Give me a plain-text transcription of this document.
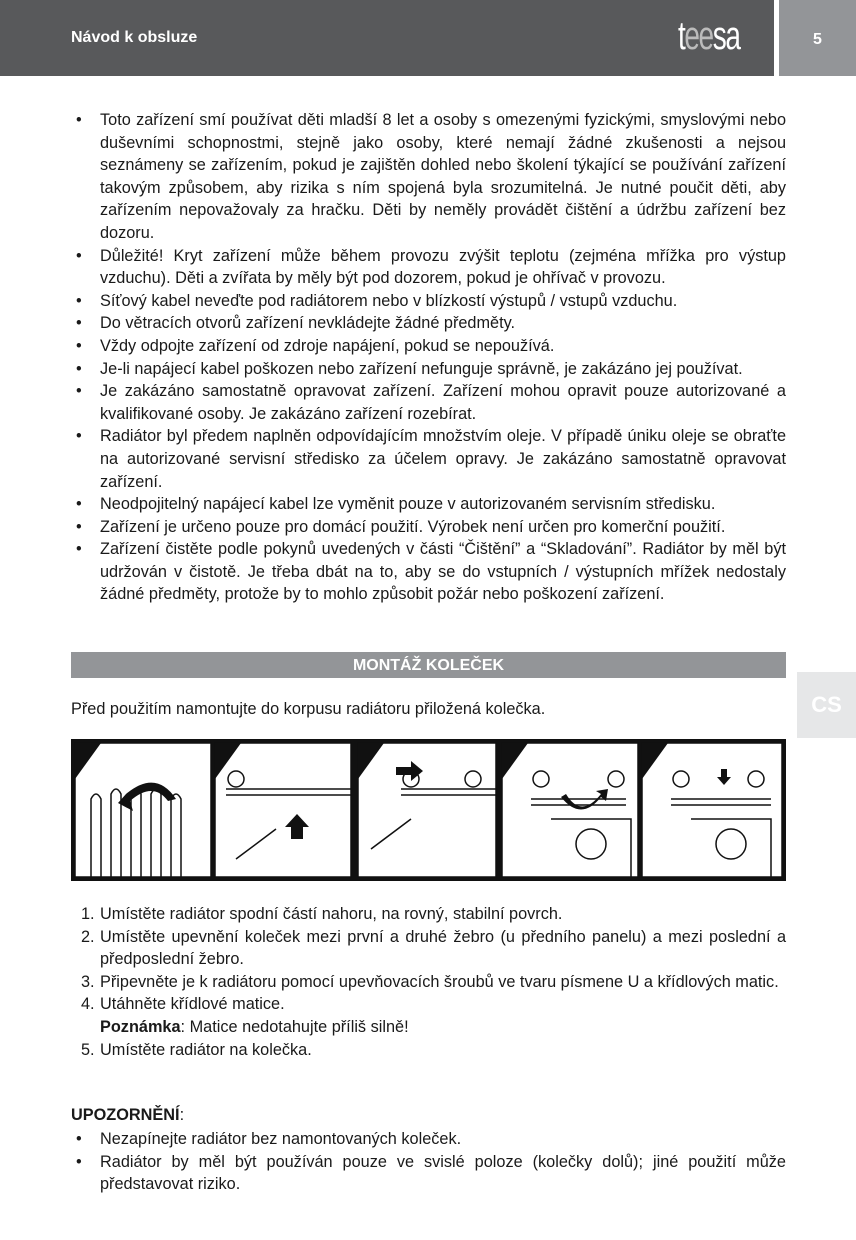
Návod k obsluze	teesa	5
CS
• Toto zařízení smí používat děti mladší 8 let a osoby s omezenými fyzickými, smyslovými nebo duševními schopnostmi, stejně jako osoby, které nemají žádné zkušenosti a nejsou seznámeny se zařízením, pokud je zajištěn dohled nebo školení týkající se používání zařízení takovým způsobem, aby rizika s ním spojená byla srozumitelná. Je nutné poučit děti, aby zařízením nepovažovaly za hračku. Děti by neměly provádět čištění a údržbu zařízení bez dozoru.
• Důležité! Kryt zařízení může během provozu zvýšit teplotu (zejména mřížka pro výstup vzduchu). Děti a zvířata by měly být pod dozorem, pokud je ohřívač v provozu.
• Síťový kabel neveďte pod radiátorem nebo v blízkostí výstupů / vstupů vzduchu.
• Do větracích otvorů zařízení nevkládejte žádné předměty.
• Vždy odpojte zařízení od zdroje napájení, pokud se nepoužívá.
• Je-li napájecí kabel poškozen nebo zařízení nefunguje správně, je zakázáno jej používat.
• Je zakázáno samostatně opravovat zařízení. Zařízení mohou opravit pouze autorizované a kvalifikované osoby. Je zakázáno zařízení rozebírat.
• Radiátor byl předem naplněn odpovídajícím množstvím oleje. V případě úniku oleje se obraťte na autorizované servisní středisko za účelem opravy. Je zakázáno samostatně opravovat zařízení.
• Neodpojitelný napájecí kabel lze vyměnit pouze v autorizovaném servisním středisku.
• Zařízení je určeno pouze pro domácí použití. Výrobek není určen pro komerční použití.
• Zařízení čistěte podle pokynů uvedených v části “Čištění” a “Skladování”. Radiátor by měl být udržován v čistotě. Je třeba dbát na to, aby se do vstupních / výstupních mřížek nedostaly žádné předměty, protože by to mohlo způsobit požár nebo poškození zařízení.
MONTÁŽ KOLEČEK
Před použitím namontujte do korpusu radiátoru přiložená kolečka.
1. Umístěte radiátor spodní částí nahoru, na rovný, stabilní povrch.
2. Umístěte upevnění koleček mezi první a druhé žebro (u předního panelu) a mezi poslední a předposlední žebro.
3. Připevněte je k radiátoru pomocí upevňovacích šroubů ve tvaru písmene U a křídlových matic.
4. Utáhněte křídlové matice.
Poznámka: Matice nedotahujte příliš silně!
5. Umístěte radiátor na kolečka.
UPOZORNĚNÍ:
• Nezapínejte radiátor bez namontovaných koleček.
• Radiátor by měl být používán pouze ve svislé poloze (kolečky dolů); jiné použití může představovat riziko.
